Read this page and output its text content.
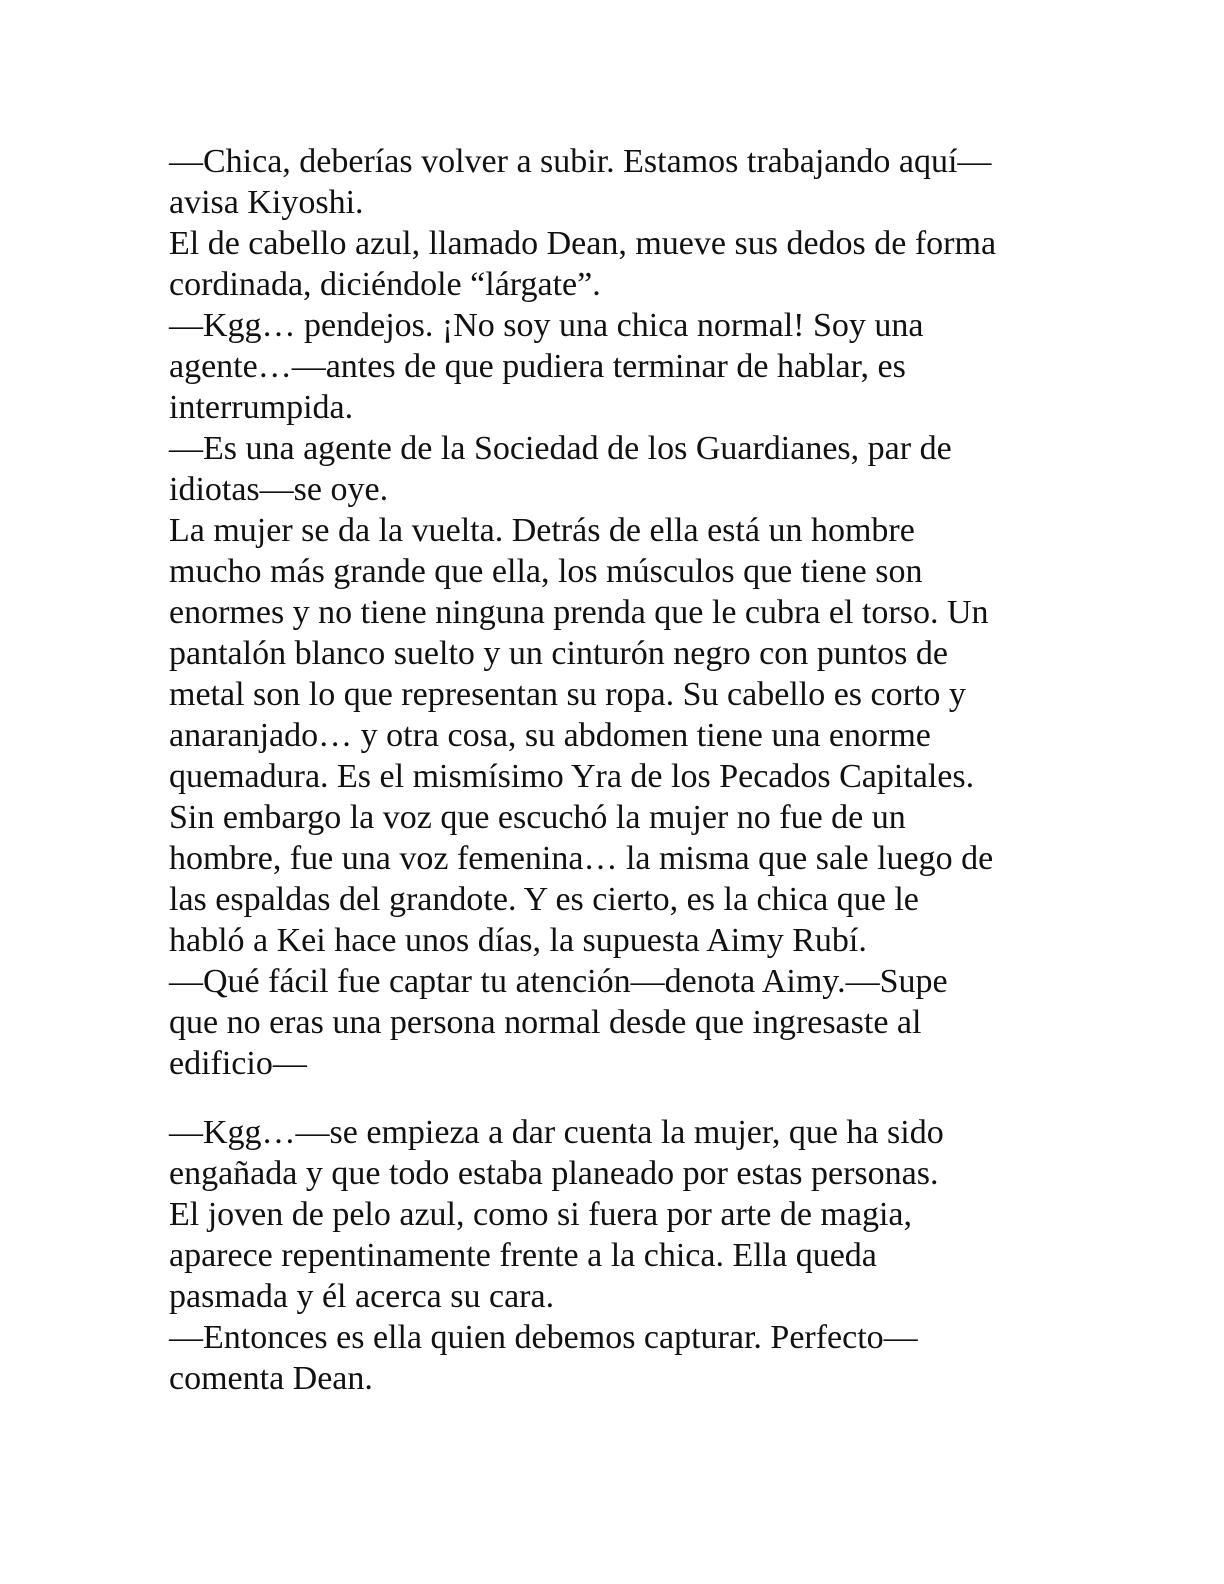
—Chica, deberías volver a subir. Estamos trabajando aquí—
avisa Kiyoshi.
El de cabello azul, llamado Dean, mueve sus dedos de forma
cordinada, diciéndole “lárgate”.
—Kgg… pendejos. ¡No soy una chica normal! Soy una
agente…—antes de que pudiera terminar de hablar, es
interrumpida.
—Es una agente de la Sociedad de los Guardianes, par de
idiotas—se oye.
La mujer se da la vuelta. Detrás de ella está un hombre
mucho más grande que ella, los músculos que tiene son
enormes y no tiene ninguna prenda que le cubra el torso. Un
pantalón blanco suelto y un cinturón negro con puntos de
metal son lo que representan su ropa. Su cabello es corto y
anaranjado… y otra cosa, su abdomen tiene una enorme
quemadura. Es el mismísimo Yra de los Pecados Capitales.
Sin embargo la voz que escuchó la mujer no fue de un
hombre, fue una voz femenina… la misma que sale luego de
las espaldas del grandote. Y es cierto, es la chica que le
habló a Kei hace unos días, la supuesta Aimy Rubí.
—Qué fácil fue captar tu atención—denota Aimy.—Supe
que no eras una persona normal desde que ingresaste al
edificio—
—Kgg…—se empieza a dar cuenta la mujer, que ha sido
engañada y que todo estaba planeado por estas personas.
El joven de pelo azul, como si fuera por arte de magia,
aparece repentinamente frente a la chica. Ella queda
pasmada y él acerca su cara.
—Entonces es ella quien debemos capturar. Perfecto—
comenta Dean.
